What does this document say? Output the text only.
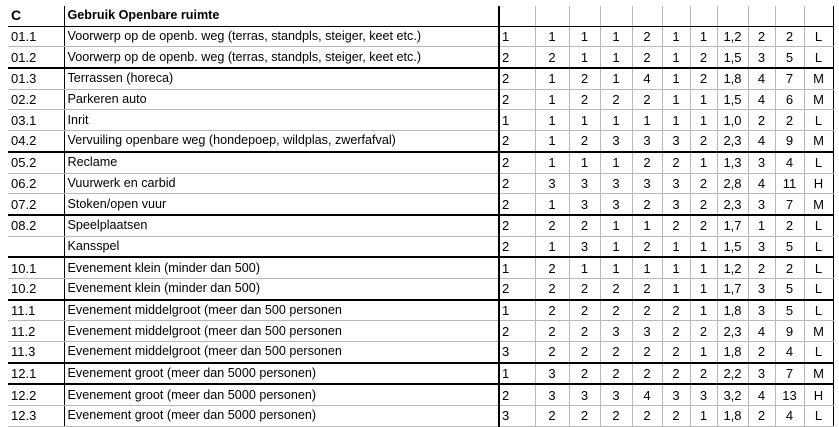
C	Gebruik Openbare ruimte											
01.1	Voorwerp op de openb. weg (terras, standpls, steiger, keet etc.)	1	1	1	1	2	1	1	1,2	2	2	L
01.2	Voorwerp op de openb. weg (terras, standpls, steiger, keet etc.)	2	2	1	1	2	1	2	1,5	3	5	L
01.3	Terrassen (horeca)	2	1	2	1	4	1	2	1,8	4	7	M
02.2	Parkeren auto	2	1	2	2	2	1	1	1,5	4	6	M
03.1	Inrit	1	1	1	1	1	1	1	1,0	2	2	L
04.2	Vervuiling openbare weg (hondepoep, wildplas, zwerfafval)	2	1	2	3	3	3	2	2,3	4	9	M
05.2	Reclame	2	1	1	1	2	2	1	1,3	3	4	L
06.2	Vuurwerk en carbid	2	3	3	3	3	3	2	2,8	4	11	H
07.2	Stoken/open vuur	2	1	3	3	2	3	2	2,3	3	7	M
08.2	Speelplaatsen	2	2	2	1	1	2	2	1,7	1	2	L
	Kansspel	2	1	3	1	2	1	1	1,5	3	5	L
10.1	Evenement klein (minder dan 500)	1	2	1	1	1	1	1	1,2	2	2	L
10.2	Evenement klein (minder dan 500)	2	2	2	2	2	1	1	1,7	3	5	L
11.1	Evenement middelgroot (meer dan 500 personen	1	2	2	2	2	2	1	1,8	3	5	L
11.2	Evenement middelgroot (meer dan 500 personen	2	2	2	3	3	2	2	2,3	4	9	M
11.3	Evenement middelgroot (meer dan 500 personen	3	2	2	2	2	2	1	1,8	2	4	L
12.1	Evenement groot (meer dan 5000 personen)	1	3	2	2	2	2	2	2,2	3	7	M
12.2	Evenement groot (meer dan 5000 personen)	2	3	3	3	4	3	3	3,2	4	13	H
12.3	Evenement groot (meer dan 5000 personen)	3	2	2	2	2	2	1	1,8	2	4	L
